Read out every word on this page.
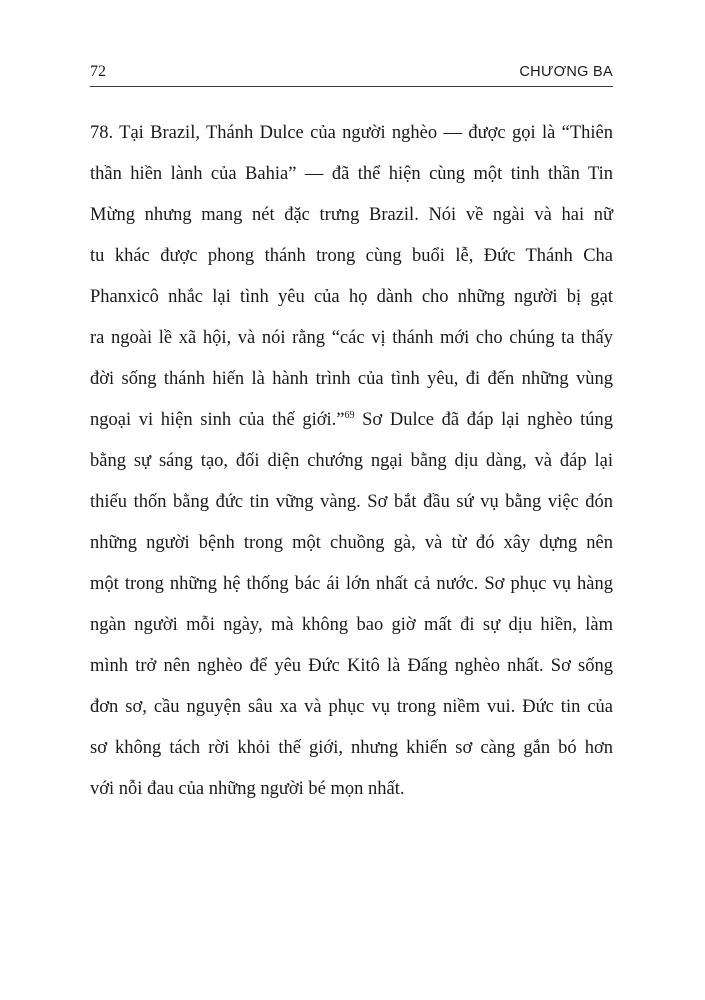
72	CHƯƠNG BA
78. Tại Brazil, Thánh Dulce của người nghèo — được gọi là “Thiên
thần hiền lành của Bahia” — đã thể hiện cùng một tinh thần Tin
Mừng nhưng mang nét đặc trưng Brazil. Nói về ngài và hai nữ
tu khác được phong thánh trong cùng buổi lễ, Đức Thánh Cha
Phanxicô nhắc lại tình yêu của họ dành cho những người bị gạt
ra ngoài lề xã hội, và nói rằng “các vị thánh mới cho chúng ta thấy
đời sống thánh hiến là hành trình của tình yêu, đi đến những vùng
ngoại vi hiện sinh của thế giới.”$^{69}$ Sơ Dulce đã đáp lại nghèo túng
bằng sự sáng tạo, đối diện chướng ngại bằng dịu dàng, và đáp lại
thiếu thốn bằng đức tin vững vàng. Sơ bắt đầu sứ vụ bằng việc đón
những người bệnh trong một chuồng gà, và từ đó xây dựng nên
một trong những hệ thống bác ái lớn nhất cả nước. Sơ phục vụ hàng
ngàn người mỗi ngày, mà không bao giờ mất đi sự dịu hiền, làm
mình trở nên nghèo để yêu Đức Kitô là Đấng nghèo nhất. Sơ sống
đơn sơ, cầu nguyện sâu xa và phục vụ trong niềm vui. Đức tin của
sơ không tách rời khỏi thế giới, nhưng khiến sơ càng gắn bó hơn
với nỗi đau của những người bé mọn nhất.
